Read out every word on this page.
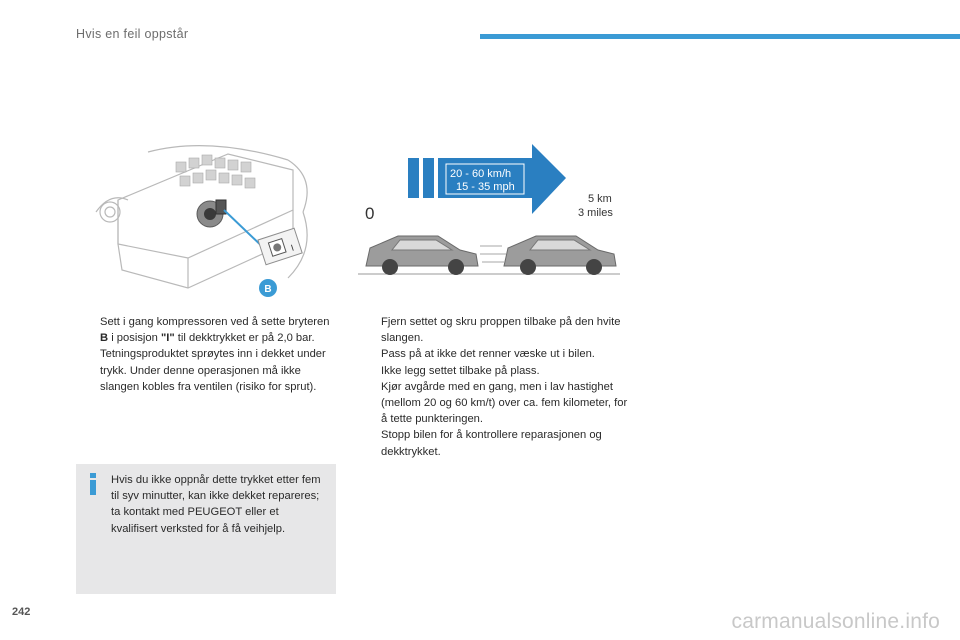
Hvis en feil oppstår
I
B
20 - 60 km/h
15 - 35 mph
0
5 km
3 miles

Sett i gang kompressoren ved å sette bryteren B i posisjon "I" til dekktrykket er på 2,0 bar.

Tetningsproduktet sprøytes inn i dekket under trykk. Under denne operasjonen må ikke slangen kobles fra ventilen (risiko for sprut).

Hvis du ikke oppnår dette trykket etter fem til syv minutter, kan ikke dekket repareres; ta kontakt med PEUGEOT eller et kvalifisert verksted for å få veihjelp.

Fjern settet og skru proppen tilbake på den hvite slangen.

Pass på at ikke det renner væske ut i bilen.

Ikke legg settet tilbake på plass.

Kjør avgårde med en gang, men i lav hastighet (mellom 20 og 60 km/t) over ca. fem kilometer, for å tette punkteringen.

Stopp bilen for å kontrollere reparasjonen og dekktrykket.

242	carmanualsonline.info
